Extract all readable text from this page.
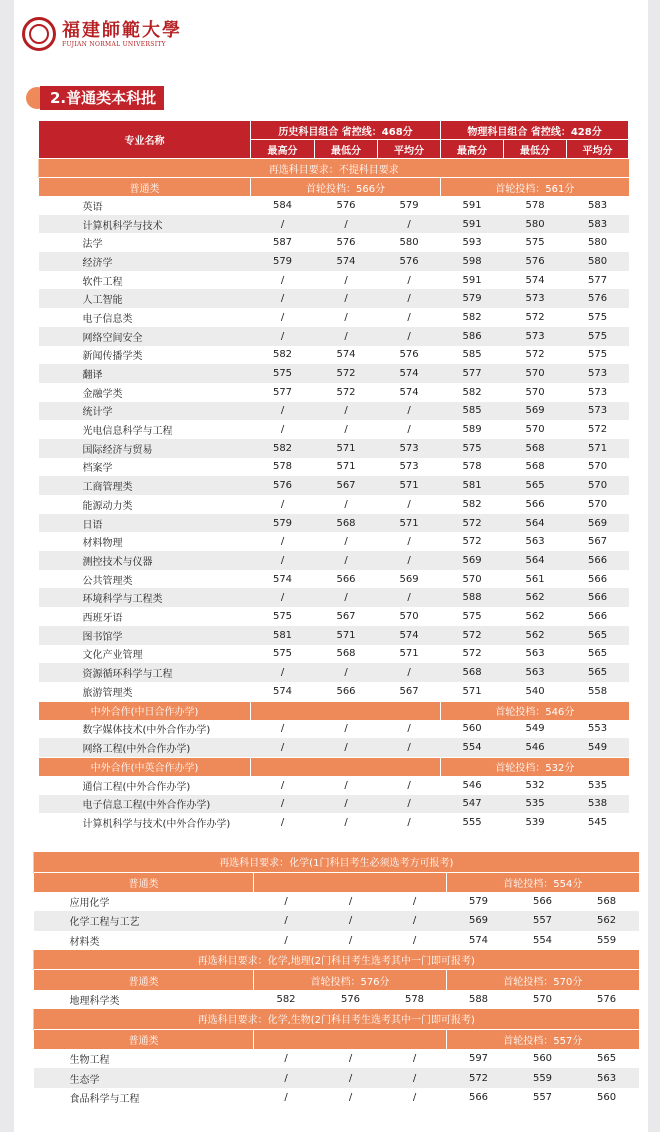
福建師範大學
FUJIAN NORMAL UNIVERSITY
2.普通类本科批
专业名称	历史科目组合 省控线：468分			物理科目组合 省控线：428分		
	最高分	最低分	平均分	最高分	最低分	平均分
再选科目要求：不提科目要求						
普通类	首轮投档：566分			首轮投档：561分		
英语	584	576	579	591	578	583
计算机科学与技术	/	/	/	591	580	583
法学	587	576	580	593	575	580
经济学	579	574	576	598	576	580
软件工程	/	/	/	591	574	577
人工智能	/	/	/	579	573	576
电子信息类	/	/	/	582	572	575
网络空间安全	/	/	/	586	573	575
新闻传播学类	582	574	576	585	572	575
翻译	575	572	574	577	570	573
金融学类	577	572	574	582	570	573
统计学	/	/	/	585	569	573
光电信息科学与工程	/	/	/	589	570	572
国际经济与贸易	582	571	573	575	568	571
档案学	578	571	573	578	568	570
工商管理类	576	567	571	581	565	570
能源动力类	/	/	/	582	566	570
日语	579	568	571	572	564	569
材料物理	/	/	/	572	563	567
测控技术与仪器	/	/	/	569	564	566
公共管理类	574	566	569	570	561	566
环境科学与工程类	/	/	/	588	562	566
西班牙语	575	567	570	575	562	566
图书馆学	581	571	574	572	562	565
文化产业管理	575	568	571	572	563	565
资源循环科学与工程	/	/	/	568	563	565
旅游管理类	574	566	567	571	540	558
中外合作(中日合作办学)				首轮投档：546分		
数字媒体技术(中外合作办学)	/	/	/	560	549	553
网络工程(中外合作办学)	/	/	/	554	546	549
中外合作(中英合作办学)				首轮投档：532分		
通信工程(中外合作办学)	/	/	/	546	532	535
电子信息工程(中外合作办学)	/	/	/	547	535	538
计算机科学与技术(中外合作办学)	/	/	/	555	539	545
再选科目要求：化学(1门科目考生必须选考方可报考)						
普通类				首轮投档：554分		
应用化学	/	/	/	579	566	568
化学工程与工艺	/	/	/	569	557	562
材料类	/	/	/	574	554	559
再选科目要求：化学,地理(2门科目考生选考其中一门即可报考)						
普通类	首轮投档：576分			首轮投档：570分		
地理科学类	582	576	578	588	570	576
再选科目要求：化学,生物(2门科目考生选考其中一门即可报考)						
普通类				首轮投档：557分		
生物工程	/	/	/	597	560	565
生态学	/	/	/	572	559	563
食品科学与工程	/	/	/	566	557	560
